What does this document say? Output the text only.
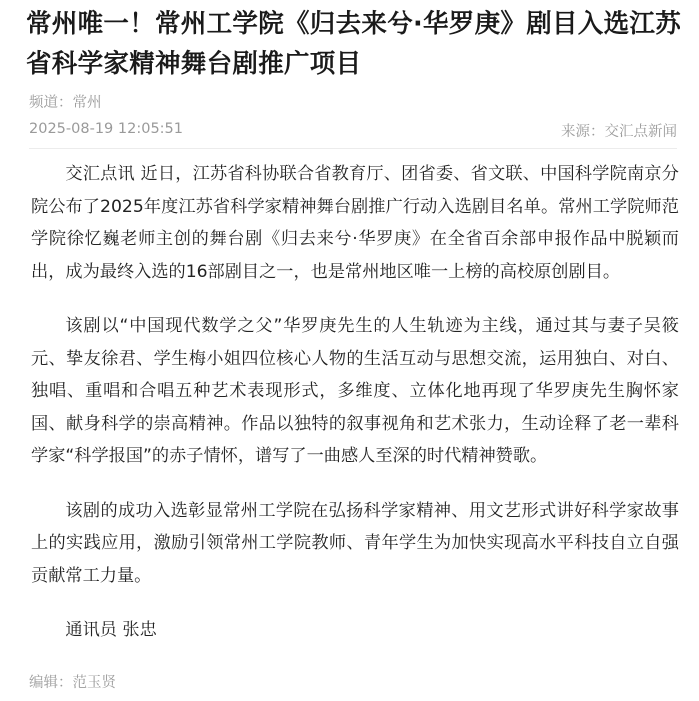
常州唯一！常州工学院《归去来兮·华罗庚》剧目入选江苏省科学家精神舞台剧推广项目
频道：常州
2025-08-19 12:05:51	来源：交汇点新闻

交汇点讯 近日，江苏省科协联合省教育厅、团省委、省文联、中国科学院南京分院公布了2025年度江苏省科学家精神舞台剧推广行动入选剧目名单。常州工学院师范学院徐忆巍老师主创的舞台剧《归去来兮·华罗庚》在全省百余部申报作品中脱颖而出，成为最终入选的16部剧目之一，也是常州地区唯一上榜的高校原创剧目。

该剧以“中国现代数学之父”华罗庚先生的人生轨迹为主线，通过其与妻子吴筱元、挚友徐君、学生梅小姐四位核心人物的生活互动与思想交流，运用独白、对白、独唱、重唱和合唱五种艺术表现形式，多维度、立体化地再现了华罗庚先生胸怀家国、献身科学的崇高精神。作品以独特的叙事视角和艺术张力，生动诠释了老一辈科学家“科学报国”的赤子情怀，谱写了一曲感人至深的时代精神赞歌。

该剧的成功入选彰显常州工学院在弘扬科学家精神、用文艺形式讲好科学家故事上的实践应用，激励引领常州工学院教师、青年学生为加快实现高水平科技自立自强贡献常工力量。

通讯员 张忠

编辑：范玉贤
